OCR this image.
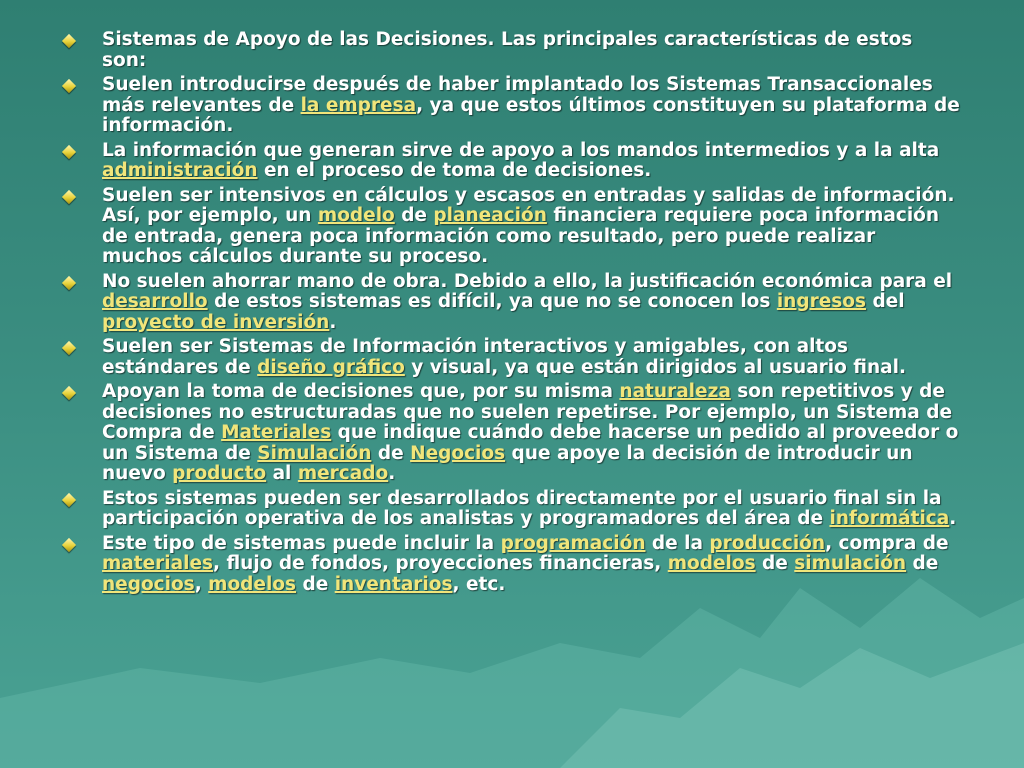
Sistemas de Apoyo de las Decisiones. Las principales características de estos son:
Suelen introducirse después de haber implantado los Sistemas Transaccionales más relevantes de la empresa, ya que estos últimos constituyen su plataforma de información.
La información que generan sirve de apoyo a los mandos intermedios y a la alta administración en el proceso de toma de decisiones.
Suelen ser intensivos en cálculos y escasos en entradas y salidas de información. Así, por ejemplo, un modelo de planeación financiera requiere poca información de entrada, genera poca información como resultado, pero puede realizar muchos cálculos durante su proceso.
No suelen ahorrar mano de obra. Debido a ello, la justificación económica para el desarrollo de estos sistemas es difícil, ya que no se conocen los ingresos del proyecto de inversión.
Suelen ser Sistemas de Información interactivos y amigables, con altos estándares de diseño gráfico y visual, ya que están dirigidos al usuario final.
Apoyan la toma de decisiones que, por su misma naturaleza son repetitivos y de decisiones no estructuradas que no suelen repetirse. Por ejemplo, un Sistema de Compra de Materiales que indique cuándo debe hacerse un pedido al proveedor o un Sistema de Simulación de Negocios que apoye la decisión de introducir un nuevo producto al mercado.
Estos sistemas pueden ser desarrollados directamente por el usuario final sin la participación operativa de los analistas y programadores del área de informática.
Este tipo de sistemas puede incluir la programación de la producción, compra de materiales, flujo de fondos, proyecciones financieras, modelos de simulación de negocios, modelos de inventarios, etc.
